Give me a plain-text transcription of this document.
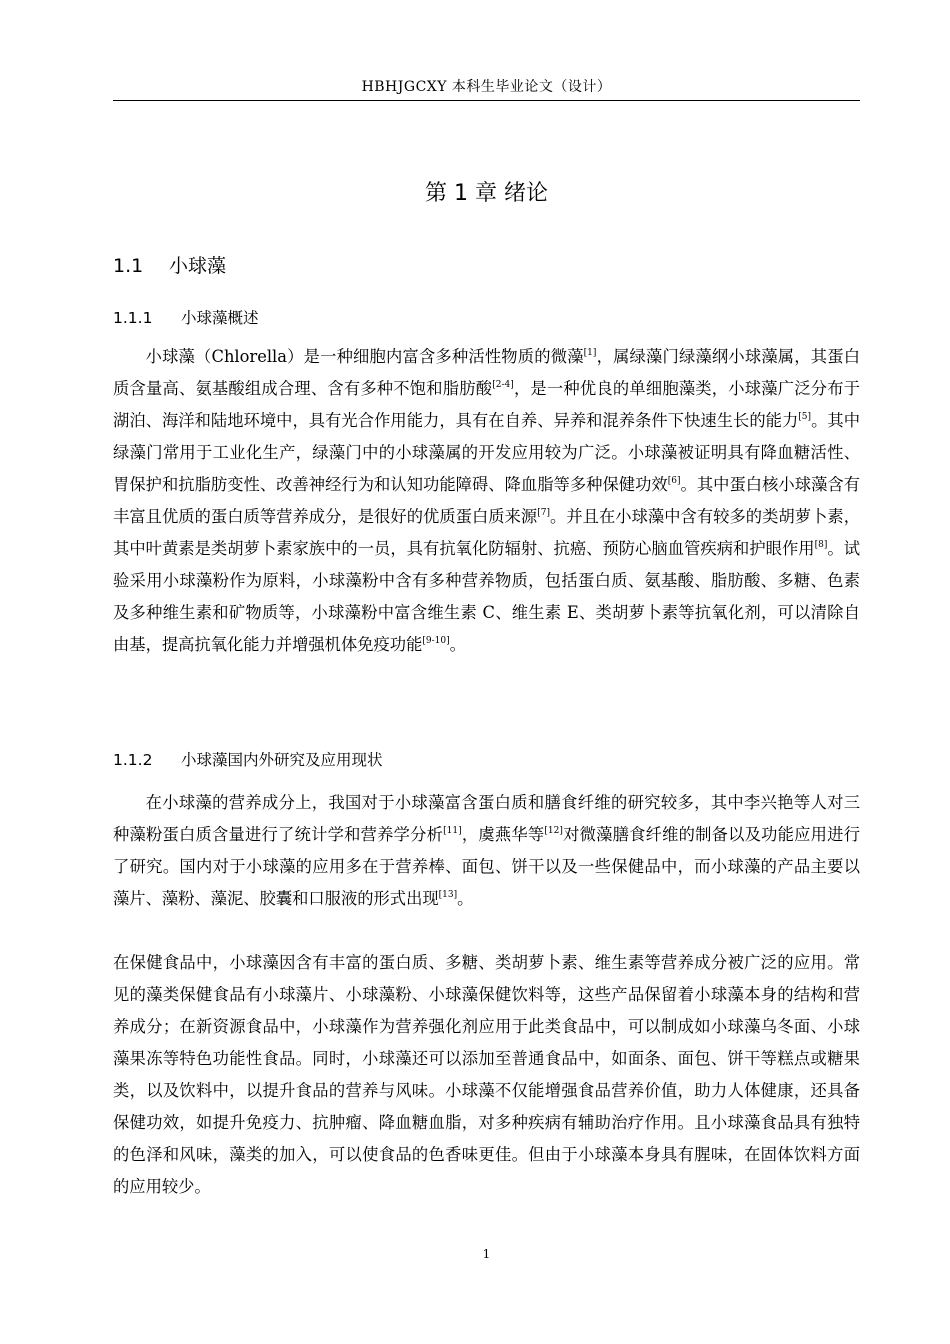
HBHJGCXY 本科生毕业论文（设计）
第 1 章 绪论
1.1 小球藻
1.1.1 小球藻概述
小球藻（Chlorella）是一种细胞内富含多种活性物质的微藻[1]，属绿藻门绿藻纲小球藻属，其蛋白质含量高、氨基酸组成合理、含有多种不饱和脂肪酸[2-4]，是一种优良的单细胞藻类，小球藻广泛分布于湖泊、海洋和陆地环境中，具有光合作用能力，具有在自养、异养和混养条件下快速生长的能力[5]。其中绿藻门常用于工业化生产，绿藻门中的小球藻属的开发应用较为广泛。小球藻被证明具有降血糖活性、胃保护和抗脂肪变性、改善神经行为和认知功能障碍、降血脂等多种保健功效[6]。其中蛋白核小球藻含有丰富且优质的蛋白质等营养成分，是很好的优质蛋白质来源[7]。并且在小球藻中含有较多的类胡萝卜素，其中叶黄素是类胡萝卜素家族中的一员，具有抗氧化防辐射、抗癌、预防心脑血管疾病和护眼作用[8]。试验采用小球藻粉作为原料，小球藻粉中含有多种营养物质，包括蛋白质、氨基酸、脂肪酸、多糖、色素及多种维生素和矿物质等，小球藻粉中富含维生素 C、维生素 E、类胡萝卜素等抗氧化剂，可以清除自由基，提高抗氧化能力并增强机体免疫功能[9-10]。
1.1.2 小球藻国内外研究及应用现状
在小球藻的营养成分上，我国对于小球藻富含蛋白质和膳食纤维的研究较多，其中李兴艳等人对三种藻粉蛋白质含量进行了统计学和营养学分析[11]，虞燕华等[12]对微藻膳食纤维的制备以及功能应用进行了研究。国内对于小球藻的应用多在于营养棒、面包、饼干以及一些保健品中，而小球藻的产品主要以藻片、藻粉、藻泥、胶囊和口服液的形式出现[13]。
在保健食品中，小球藻因含有丰富的蛋白质、多糖、类胡萝卜素、维生素等营养成分被广泛的应用。常见的藻类保健食品有小球藻片、小球藻粉、小球藻保健饮料等，这些产品保留着小球藻本身的结构和营养成分；在新资源食品中，小球藻作为营养强化剂应用于此类食品中，可以制成如小球藻乌冬面、小球藻果冻等特色功能性食品。同时，小球藻还可以添加至普通食品中，如面条、面包、饼干等糕点或糖果类，以及饮料中，以提升食品的营养与风味。小球藻不仅能增强食品营养价值，助力人体健康，还具备保健功效，如提升免疫力、抗肿瘤、降血糖血脂，对多种疾病有辅助治疗作用。且小球藻食品具有独特的色泽和风味，藻类的加入，可以使食品的色香味更佳。但由于小球藻本身具有腥味，在固体饮料方面的应用较少。
1
